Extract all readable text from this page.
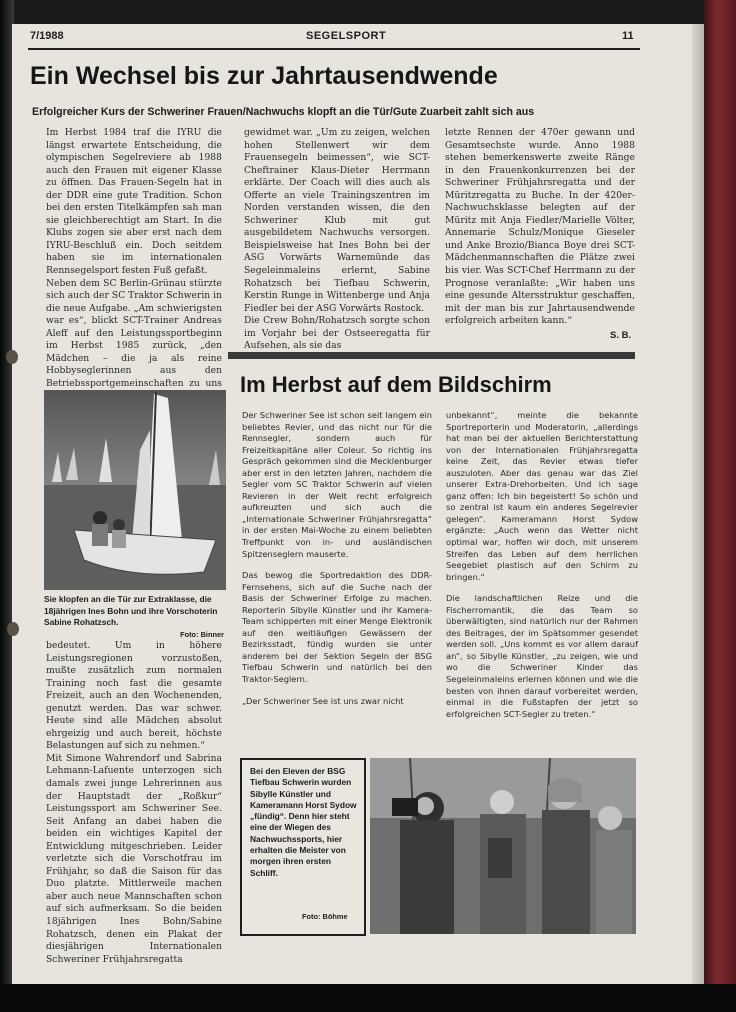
7/1988	SEGELSPORT	11
Ein Wechsel bis zur Jahrtausendwende
Erfolgreicher Kurs der Schweriner Frauen/Nachwuchs klopft an die Tür/Gute Zuarbeit zahlt sich aus

Im Herbst 1984 traf die IYRU die längst erwartete Entscheidung, die olympischen Segelreviere ab 1988 auch den Frauen mit eigener Klasse zu öffnen. Das Frauen-Segeln hat in der DDR eine gute Tradition. Schon bei den ersten Titelkämpfen sah man sie gleichberechtigt am Start. In die Klubs zogen sie aber erst nach dem IYRU-Beschluß ein. Doch seitdem haben sie im internationalen Rennsegelsport festen Fuß gefaßt.

Neben dem SC Berlin-Grünau stürzte sich auch der SC Traktor Schwerin in die neue Aufgabe. „Am schwierigsten war es“, blickt SCT-Trainer Andreas Aleff auf den Leistungssportbeginn im Herbst 1985 zurück, „den Mädchen – die ja als reine Hobbyseglerinnen aus den Betriebssportgemeinschaften zu uns

bedeutet. Um in höhere Leistungsregionen vorzustoßen, mußte zusätzlich zum normalen Training noch fast die gesamte Freizeit, auch an den Wochenenden, genutzt werden. Das war schwer. Heute sind alle Mädchen absolut ehrgeizig und auch bereit, höchste Belastungen auf sich zu nehmen.“

Mit Simone Wahrendorf und Sabrina Lehmann-Lafuente unterzogen sich damals zwei junge Lehrerinnen aus der Hauptstadt der „Roßkur“ Leistungssport am Schweriner See. Seit Anfang an dabei haben die beiden ein wichtiges Kapitel der Entwicklung mitgeschrieben. Leider verletzte sich die Vorschotfrau im Frühjahr, so daß die Saison für das Duo platzte. Mittlerweile machen aber auch neue Mannschaften schon auf sich aufmerksam. So die beiden 18jährigen Ines Bohn/Sabine Rohatzsch, denen ein Plakat der diesjährigen Internationalen Schweriner Frühjahrsregatta

gewidmet war. „Um zu zeigen, welchen hohen Stellenwert wir dem Frauensegeln beimessen“, wie SCT-Cheftrainer Klaus-Dieter Herrmann erklärte. Der Coach will dies auch als Offerte an viele Trainingszentren im Norden verstanden wissen, die den Schweriner Klub mit gut ausgebildetem Nachwuchs versorgen. Beispielsweise hat Ines Bohn bei der ASG Vorwärts Warnemünde das Segeleinmaleins erlernt, Sabine Rohatzsch bei Tiefbau Schwerin, Kerstin Runge in Wittenberge und Anja Fiedler bei der ASG Vorwärts Rostock.

Die Crew Bohn/Rohatzsch sorgte schon im Vorjahr bei der Ostseeregatta für Aufsehen, als sie das

letzte Rennen der 470er gewann und Gesamtsechste wurde. Anno 1988 stehen bemerkenswerte zweite Ränge in den Frauenkonkurrenzen bei der Schweriner Frühjahrsregatta und der Müritzregatta zu Buche. In der 420er-Nachwuchsklasse belegten auf der Müritz mit Anja Fiedler/Marielle Völter, Annemarie Schulz/Monique Gieseler und Anke Brozio/Bianca Boye drei SCT-Mädchenmannschaften die Plätze zwei bis vier. Was SCT-Chef Herrmann zu der Prognose veranlaßte: „Wir haben uns eine gesunde Altersstruktur geschaffen, mit der man bis zur Jahrtausendwende erfolgreich arbeiten kann.“

S. B.
Sie klopfen an die Tür zur Extraklasse, die 18jährigen Ines Bohn und ihre Vorschoterin Sabine Rohatzsch.
Foto: Binner
Im Herbst auf dem Bildschirm

Der Schweriner See ist schon seit langem ein beliebtes Revier, und das nicht nur für die Rennsegler, sondern auch für Freizeitkapitäne aller Coleur. So richtig ins Gespräch gekommen sind die Mecklenburger aber erst in den letzten Jahren, nachdem die Segler vom SC Traktor Schwerin auf vielen Revieren in der Welt recht erfolgreich aufkreuzten und sich auch die „Internationale Schweriner Frühjahrsregatta“ in der ersten Mai-Woche zu einem beliebten Treffpunkt von in- und ausländischen Spitzenseglern mauserte.

Das bewog die Sportredaktion des DDR-Fernsehens, sich auf die Suche nach der Basis der Schweriner Erfolge zu machen. Reporterin Sibylle Künstler und ihr Kamera-Team schipperten mit einer Menge Elektronik auf den weitläufigen Gewässern der Bezirksstadt, fündig wurden sie unter anderem bei der Sektion Segeln der BSG Tiefbau Schwerin und natürlich bei den Traktor-Seglern.

„Der Schweriner See ist uns zwar nicht

unbekannt“, meinte die bekannte Sportreporterin und Moderatorin, „allerdings hat man bei der aktuellen Berichterstattung von der Internationalen Frühjahrsregatta keine Zeit, das Revier etwas tiefer auszuloten. Aber das genau war das Ziel unserer Extra-Drehorbeiten. Und ich sage ganz offen: Ich bin begeistert! So schön und so zentral ist kaum ein anderes Segelrevier gelegen“. Kameramann Horst Sydow ergänzte: „Auch wenn das Wetter nicht optimal war, hoffen wir doch, mit unserem Streifen das Leben auf dem herrlichen Seegebiet plastisch auf den Schirm zu bringen.“

Die landschaftlichen Reize und die Fischerromantik, die das Team so überwältigten, sind natürlich nur der Rahmen des Beitrages, der im Spätsommer gesendet werden soll. „Uns kommt es vor allem darauf an“, so Sibylle Künstler, „zu zeigen, wie und wo die Schweriner Kinder das Segeleinmaleins erlernen können und wie die besten von ihnen darauf vorbereitet werden, einmal in die Fußstapfen der jetzt so erfolgreichen SCT-Segler zu treten.“

Bei den Eleven der BSG Tiefbau Schwerin wurden Sibylle Künstler und Kameramann Horst Sydow „fündig“. Denn hier steht eine der Wiegen des Nachwuchssports, hier erhalten die Meister von morgen ihren ersten Schliff.
Foto: Böhme
